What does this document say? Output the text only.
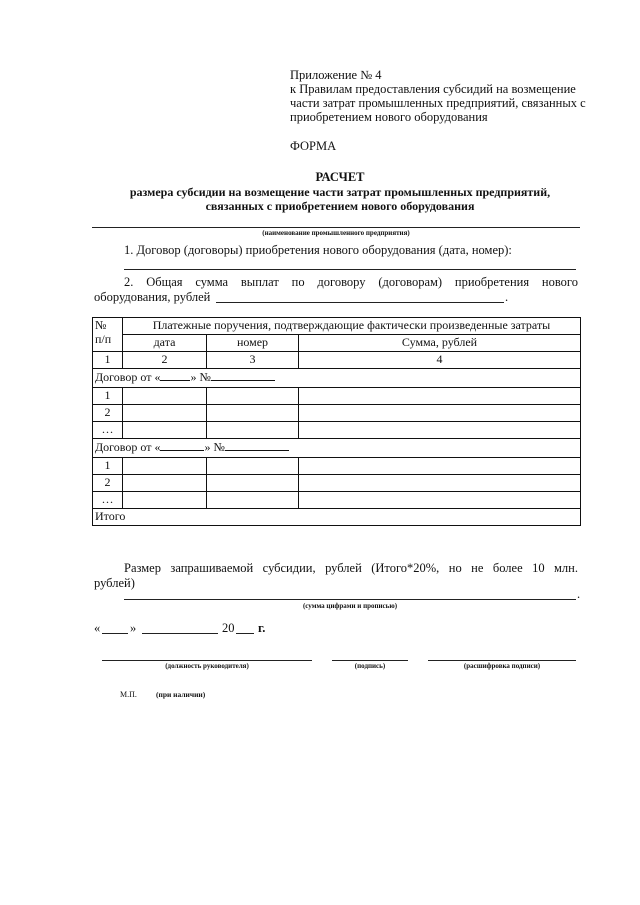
Приложение № 4
к Правилам предоставления субсидий на возмещение
части затрат промышленных предприятий, связанных с
приобретением нового оборудования
ФОРМА
РАСЧЕТ
размера субсидии на возмещение части затрат промышленных предприятий,
связанных с приобретением нового оборудования
(наименование промышленного предприятия)
1. Договор (договоры) приобретения нового оборудования (дата, номер):
2. Общая сумма выплат по договору (договорам) приобретения нового
оборудования, рублей	.
№
п/п	Платежные поручения, подтверждающие фактически произведенные затраты		
	дата	номер	Сумма, рублей
1	2	3	4
Договор от « » №			
1			
2			
…			
Договор от « » №			
1			
2			
…			
Итого			
Размер запрашиваемой субсидии, рублей (Итого*20%, но не более 10 млн.
рублей)
.
(сумма цифрами и прописью)
« »	20 г.
(должность руководителя)	(подпись)	(расшифровка подписи)
М.П.	(при наличии)
